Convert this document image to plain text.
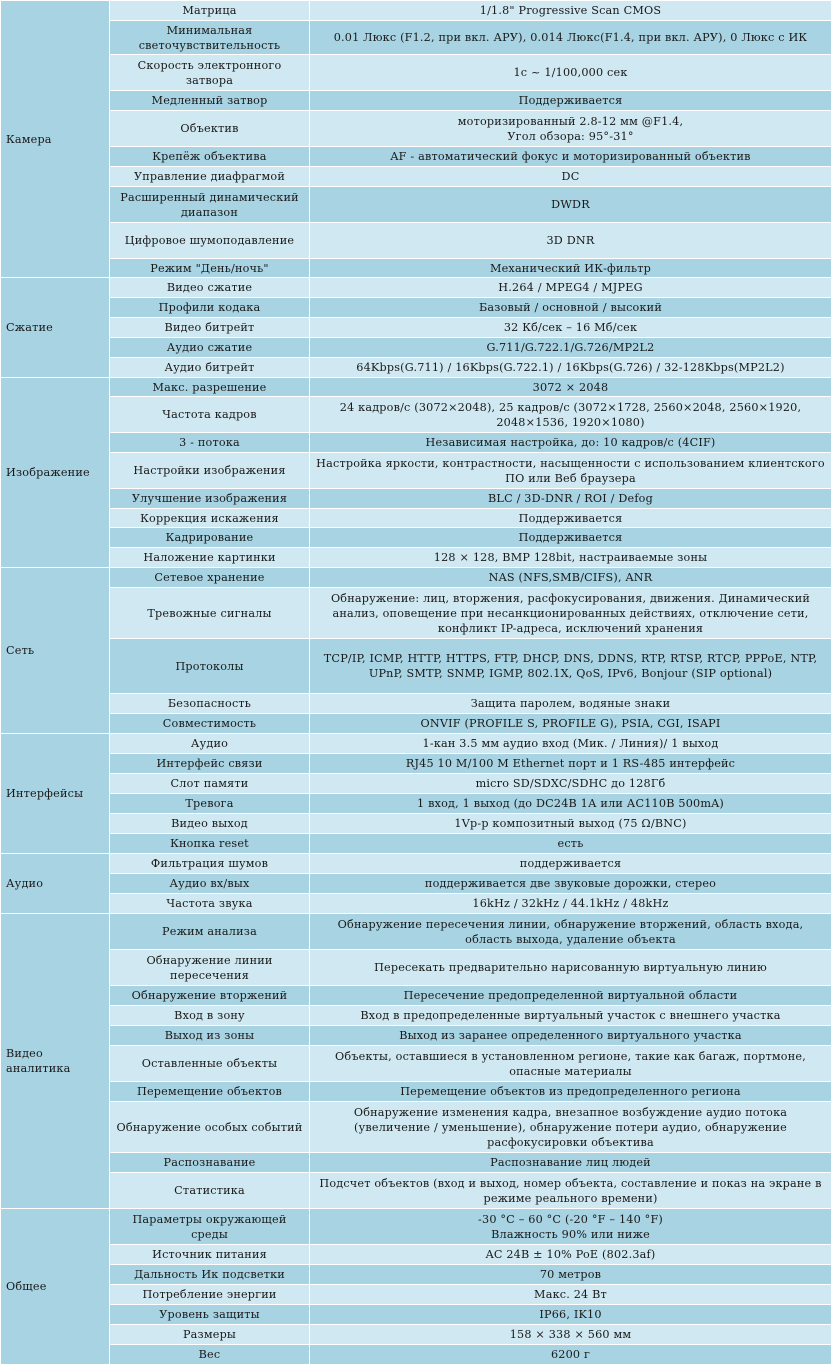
Камера	Матрица	1/1.8" Progressive Scan CMOS
	Минимальная светочувствительность	0.01 Люкс (F1.2, при вкл. АРУ), 0.014 Люкс(F1.4, при вкл. АРУ), 0 Люкс с ИК
	Скорость электронного затвора	1с ~ 1/100,000 сек
	Медленный затвор	Поддерживается
	Объектив	моторизированный 2.8-12 мм @F1.4,
Угол обзора: 95°-31°
	Крепёж объектива	AF - автоматический фокус и моторизированный объектив
	Управление диафрагмой	DC
	Расширенный динамический диапазон	DWDR
	Цифровое шумоподавление	3D DNR
	Режим "День/ночь"	Механический ИК-фильтр
Сжатие	Видео сжатие	H.264 / MPEG4 / MJPEG
	Профили кодака	Базовый / основной / высокий
	Видео битрейт	32 Кб/сек – 16 Мб/сек
	Аудио сжатие	G.711/G.722.1/G.726/MP2L2
	Аудио битрейт	64Kbps(G.711) / 16Kbps(G.722.1) / 16Kbps(G.726) / 32-128Kbps(MP2L2)
Изображение	Макс. разрешение	3072 × 2048
	Частота кадров	24 кадров/с (3072×2048), 25 кадров/с (3072×1728, 2560×2048, 2560×1920, 2048×1536, 1920×1080)
	3 - потока	Независимая настройка, до: 10 кадров/с (4CIF)
	Настройки изображения	Настройка яркости, контрастности, насыщенности с использованием клиентского ПО или Веб браузера
	Улучшение изображения	BLC / 3D-DNR / ROI / Defog
	Коррекция искажения	Поддерживается
	Кадрирование	Поддерживается
	Наложение картинки	128 × 128, BMP 128bit, настраиваемые зоны
Сеть	Сетевое хранение	NAS (NFS,SMB/CIFS), ANR
	Тревожные сигналы	Обнаружение: лиц, вторжения, расфокусирования, движения. Динамический анализ, оповещение при несанкционированных действиях, отключение сети, конфликт IP-адреса, исключений хранения
	Протоколы	TCP/IP, ICMP, HTTP, HTTPS, FTP, DHCP, DNS, DDNS, RTP, RTSP, RTCP, PPPoE, NTP, UPnP, SMTP, SNMP, IGMP, 802.1X, QoS, IPv6, Bonjour (SIP optional)
	Безопасность	Защита паролем, водяные знаки
	Совместимость	ONVIF (PROFILE S, PROFILE G), PSIA, CGI, ISAPI
Интерфейсы	Аудио	1-кан 3.5 мм аудио вход (Мик. / Линия)/ 1 выход
	Интерфейс связи	RJ45 10 M/100 M Ethernet порт и 1 RS-485 интерфейс
	Слот памяти	micro SD/SDXC/SDHC до 128Гб
	Тревога	1 вход, 1 выход (до DC24В 1А или АС110В 500mA)
	Видео выход	1Vp-p композитный выход (75 Ω/BNC)
	Кнопка reset	есть
Аудио	Фильтрация шумов	поддерживается
	Аудио вх/вых	поддерживается две звуковые дорожки, стерео
	Частота звука	16kHz / 32kHz / 44.1kHz / 48kHz
Видео аналитика	Режим анализа	Обнаружение пересечения линии, обнаружение вторжений, область входа, область выхода, удаление объекта
	Обнаружение линии пересечения	Пересекать предварительно нарисованную виртуальную линию
	Обнаружение вторжений	Пересечение предопределенной виртуальной области
	Вход в зону	Вход в предопределенные виртуальный участок с внешнего участка
	Выход из зоны	Выход из заранее определенного виртуального участка
	Оставленные объекты	Объекты, оставшиеся в установленном регионе, такие как багаж, портмоне, опасные материалы
	Перемещение объектов	Перемещение объектов из предопределенного региона
	Обнаружение особых событий	Обнаружение изменения кадра, внезапное возбуждение аудио потока (увеличение / уменьшение), обнаружение потери аудио, обнаружение расфокусировки объектива
	Распознавание	Распознавание лиц людей
	Статистика	Подсчет объектов (вход и выход, номер объекта, составление и показ на экране в режиме реального времени)
Общее	Параметры окружающей среды	-30 °C – 60 °C (-20 °F – 140 °F)
Влажность 90% или ниже
	Источник питания	AC 24В ± 10% PoE (802.3af)
	Дальность Ик подсветки	70 метров
	Потребление энергии	Макс. 24 Вт
	Уровень защиты	IP66, IK10
	Размеры	158 × 338 × 560 мм
	Вес	6200 г
